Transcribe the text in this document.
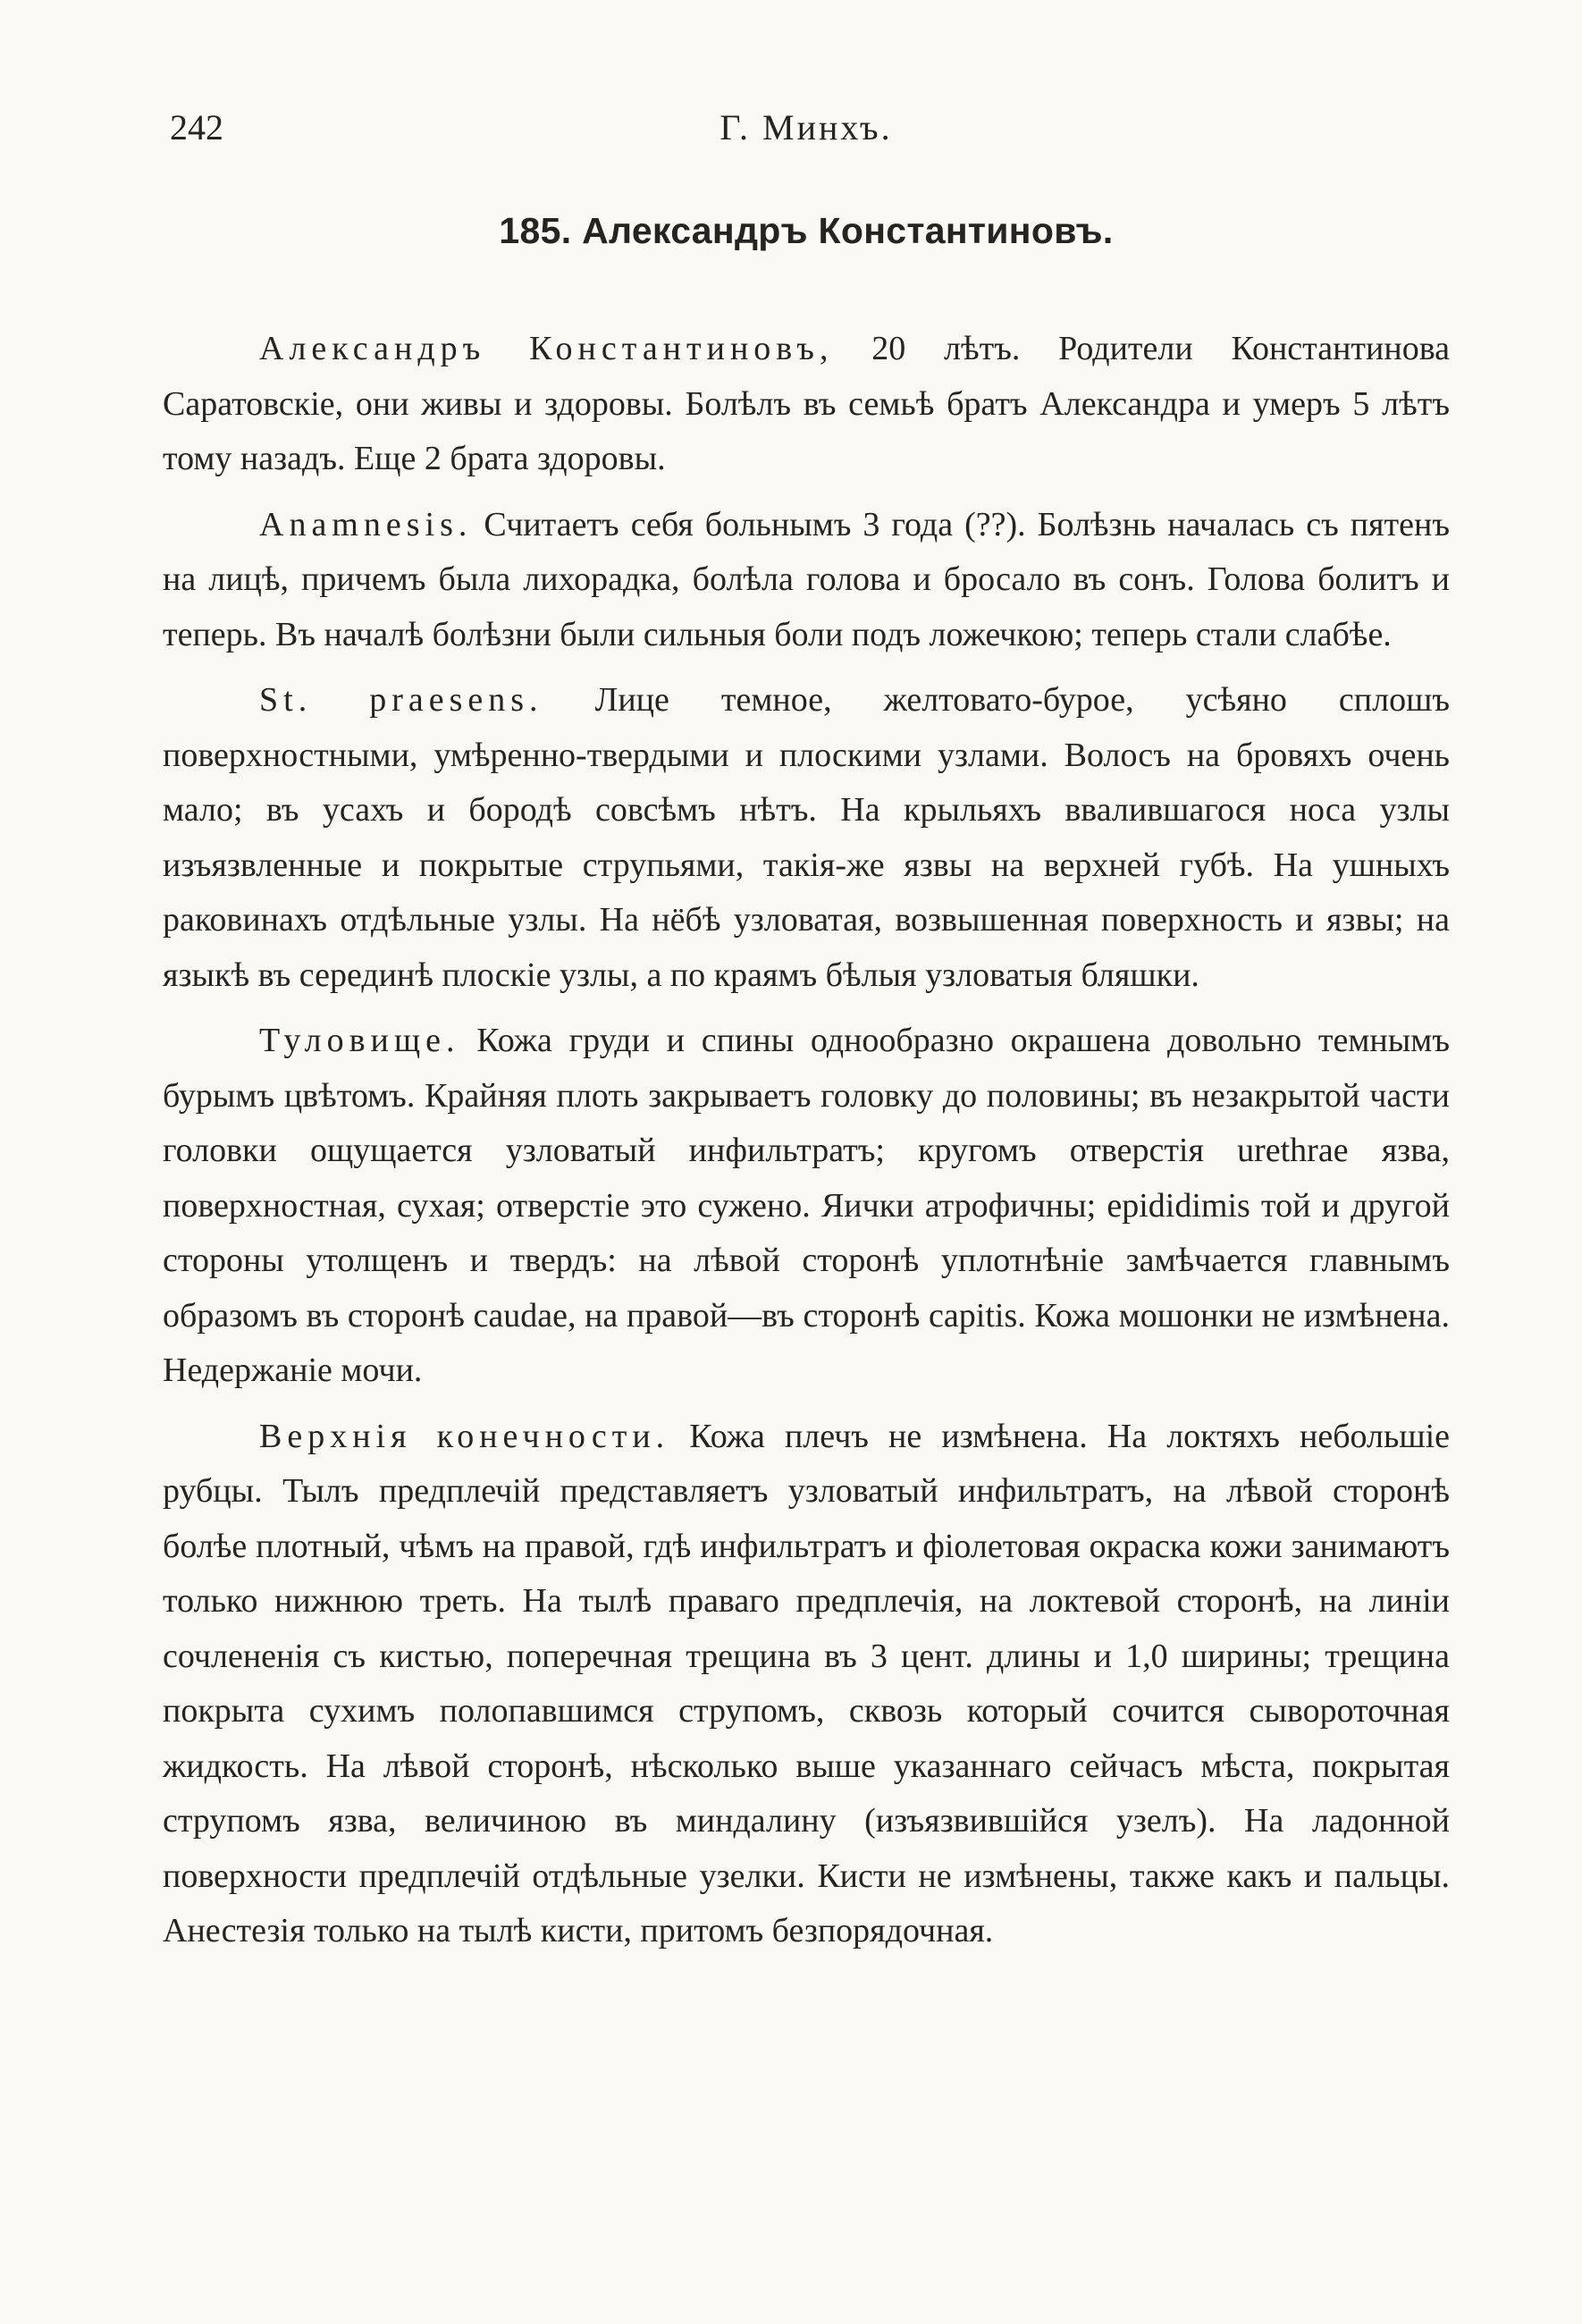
242	Г. Минхъ.
185. Александръ Константиновъ.

Александръ Константиновъ, 20 лѣтъ. Родители Константинова Саратовскіе, они живы и здоровы. Болѣлъ въ семьѣ братъ Александра и умеръ 5 лѣтъ тому назадъ. Еще 2 брата здоровы.

Anamnesis. Считаетъ себя больнымъ 3 года (??). Болѣзнь началась съ пятенъ на лицѣ, причемъ была лихорадка, болѣла голова и бросало въ сонъ. Голова болитъ и теперь. Въ началѣ болѣзни были сильныя боли подъ ложечкою; теперь стали слабѣе.

St. praesens. Лице темное, желтоватo-бурое, усѣяно сплошъ поверхностными, умѣренно-твердыми и плоскими узлами. Волосъ на бровяхъ очень мало; въ усахъ и бородѣ совсѣмъ нѣтъ. На крыльяхъ ввалившагося носа узлы изъязвленные и покрытые струпьями, такія-же язвы на верхней губѣ. На ушныхъ раковинахъ отдѣльные узлы. На нёбѣ узловатая, возвышенная поверхность и язвы; на языкѣ въ серединѣ плоскіе узлы, а по краямъ бѣлыя узловатыя бляшки.

Туловище. Кожа груди и спины однообразно окрашена довольно темнымъ бурымъ цвѣтомъ. Крайняя плоть закрываетъ головку до половины; въ незакрытой части головки ощущается узловатый инфильтратъ; кругомъ отверстія urethrae язва, поверхностная, сухая; отверстіе это сужено. Яички атрофичны; epididimis той и другой стороны утолщенъ и твердъ: на лѣвой сторонѣ уплотнѣніе замѣчается главнымъ образомъ въ сторонѣ caudae, на правой—въ сторонѣ capitis. Кожа мошонки не измѣнена. Недержаніе мочи.

Верхнія конечности. Кожа плечъ не измѣнена. На локтяхъ небольшіе рубцы. Тылъ предплечій представляетъ узловатый инфильтратъ, на лѣвой сторонѣ болѣе плотный, чѣмъ на правой, гдѣ инфильтратъ и фіолетовая окраска кожи занимаютъ только нижнюю треть. На тылѣ праваго предплечія, на локтевой сторонѣ, на линіи сочлененія съ кистью, поперечная трещина въ 3 цент. длины и 1,0 ширины; трещина покрыта сухимъ полопавшимся струпомъ, сквозь который сочится сывороточная жидкость. На лѣвой сторонѣ, нѣсколько выше указаннаго сейчасъ мѣста, покрытая струпомъ язва, величиною въ миндалину (изъязвившійся узелъ). На ладонной поверхности предплечій отдѣльные узелки. Кисти не измѣнены, также какъ и пальцы. Анестезія только на тылѣ кисти, притомъ безпорядочная.
